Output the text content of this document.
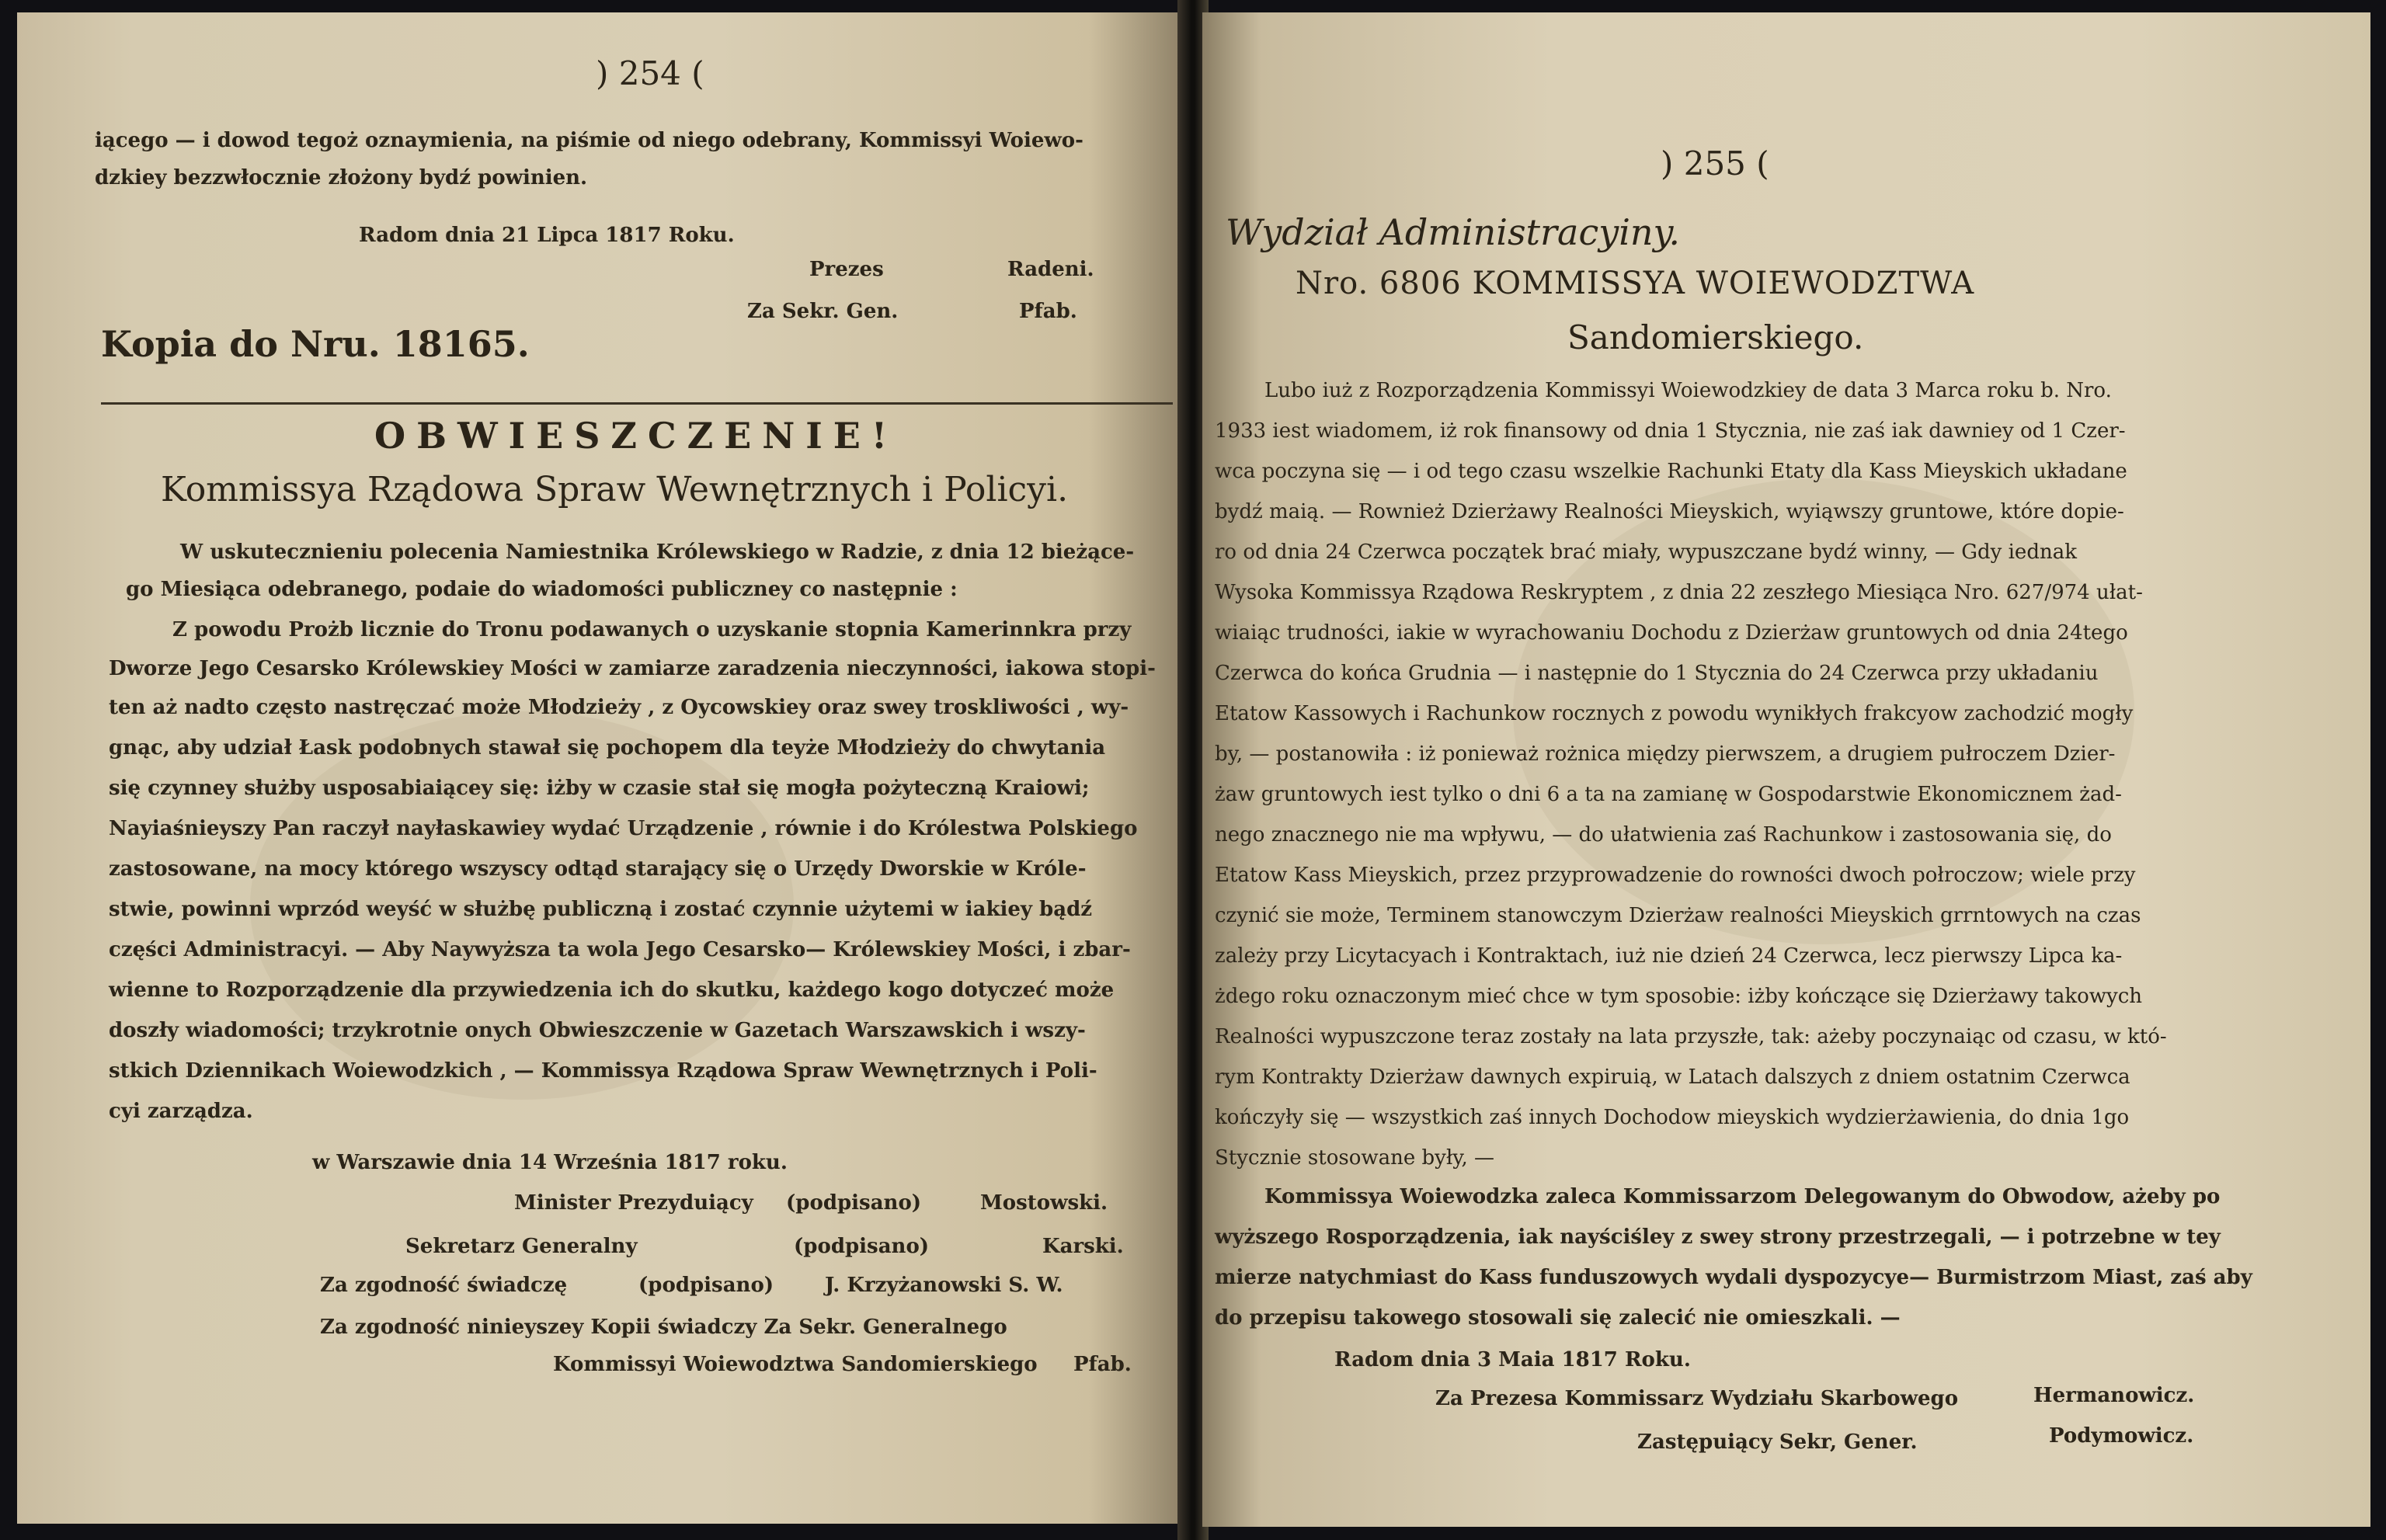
) 254 (
iącego — i dowod tegoż oznaymienia, na piśmie od niego odebrany, Kommissyi Woiewo-
dzkiey bezzwłocznie złożony bydź powinien.
Radom dnia 21 Lipca 1817 Roku.
Prezes	Radeni.
Za Sekr. Gen.	Pfab.
Kopia do Nru. 18165.
OBWIESZCZENIE!
Kommissya Rządowa Spraw Wewnętrznych i Policyi.
W uskutecznieniu polecenia Namiestnika Królewskiego w Radzie, z dnia 12 bieżące-
go Miesiąca odebranego, podaie do wiadomości publiczney co następnie :
Z powodu Prożb licznie do Tronu podawanych o uzyskanie stopnia Kamerinnkra przy
Dworze Jego Cesarsko Królewskiey Mości w zamiarze zaradzenia nieczynności, iakowa stopi-
ten aż nadto często nastręczać może Młodzieży , z Oycowskiey oraz swey troskliwości , wy-
gnąc, aby udział Łask podobnych stawał się pochopem dla teyże Młodzieży do chwytania
się czynney służby usposabiaiącey się: iżby w czasie stał się mogła pożyteczną Kraiowi;
Nayiaśnieyszy Pan raczył nayłaskawiey wydać Urządzenie , równie i do Królestwa Polskiego
zastosowane, na mocy którego wszyscy odtąd starający się o Urzędy Dworskie w Króle-
stwie, powinni wprzód weyść w służbę publiczną i zostać czynnie użytemi w iakiey bądź
części Administracyi. — Aby Naywyższa ta wola Jego Cesarsko— Królewskiey Mości, i zbar-
wienne to Rozporządzenie dla przywiedzenia ich do skutku, każdego kogo dotyczeć może
doszły wiadomości; trzykrotnie onych Obwieszczenie w Gazetach Warszawskich i wszy-
stkich Dziennikach Woiewodzkich , — Kommissya Rządowa Spraw Wewnętrznych i Poli-
cyi zarządza.
w Warszawie dnia 14 Września 1817 roku.
Minister Prezyduiący (podpisano)	Mostowski.
Sekretarz Generalny	(podpisano)	Karski.
Za zgodność świadczę	(podpisano)	J. Krzyżanowski S. W.
Za zgodność ninieyszey Kopii świadczy Za Sekr. Generalnego
Kommissyi Woiewodztwa Sandomierskiego Pfab.
) 255 (
Wydział Administracyiny.
Nro. 6806 KOMMISSYA WOIEWODZTWA
Sandomierskiego.
Lubo iuż z Rozporządzenia Kommissyi Woiewodzkiey de data 3 Marca roku b. Nro.
1933 iest wiadomem, iż rok finansowy od dnia 1 Stycznia, nie zaś iak dawniey od 1 Czer-
wca poczyna się — i od tego czasu wszelkie Rachunki Etaty dla Kass Mieyskich układane
bydź maią. — Rownież Dzierżawy Realności Mieyskich, wyiąwszy gruntowe, które dopie-
ro od dnia 24 Czerwca początek brać miały, wypuszczane bydź winny, — Gdy iednak
Wysoka Kommissya Rządowa Reskryptem , z dnia 22 zeszłego Miesiąca Nro. 627/974 ułat-
wiaiąc trudności, iakie w wyrachowaniu Dochodu z Dzierżaw gruntowych od dnia 24tego
Czerwca do końca Grudnia — i następnie do 1 Stycznia do 24 Czerwca przy układaniu
Etatow Kassowych i Rachunkow rocznych z powodu wynikłych frakcyow zachodzić mogły
by, — postanowiła : iż ponieważ rożnica między pierwszem, a drugiem pułroczem Dzier-
żaw gruntowych iest tylko o dni 6 a ta na zamianę w Gospodarstwie Ekonomicznem żad-
nego znacznego nie ma wpływu, — do ułatwienia zaś Rachunkow i zastosowania się, do
Etatow Kass Mieyskich, przez przyprowadzenie do rowności dwoch połroczow; wiele przy
czynić sie może, Terminem stanowczym Dzierżaw realności Mieyskich grrntowych na czas
zależy przy Licytacyach i Kontraktach, iuż nie dzień 24 Czerwca, lecz pierwszy Lipca ka-
żdego roku oznaczonym mieć chce w tym sposobie: iżby kończące się Dzierżawy takowych
Realności wypuszczone teraz zostały na lata przyszłe, tak: ażeby poczynaiąc od czasu, w któ-
rym Kontrakty Dzierżaw dawnych expiruią, w Latach dalszych z dniem ostatnim Czerwca
kończyły się — wszystkich zaś innych Dochodow mieyskich wydzierżawienia, do dnia 1go
Stycznie stosowane były, —
Kommissya Woiewodzka zaleca Kommissarzom Delegowanym do Obwodow, ażeby po
wyższego Rosporządzenia, iak nayściśley z swey strony przestrzegali, — i potrzebne w tey
mierze natychmiast do Kass funduszowych wydali dyspozycye— Burmistrzom Miast, zaś aby
do przepisu takowego stosowali się zalecić nie omieszkali. —
Radom dnia 3 Maia 1817 Roku.
Za Prezesa Kommissarz Wydziału Skarbowego	Hermanowicz.
Zastępuiący Sekr, Gener.	Podymowicz.
